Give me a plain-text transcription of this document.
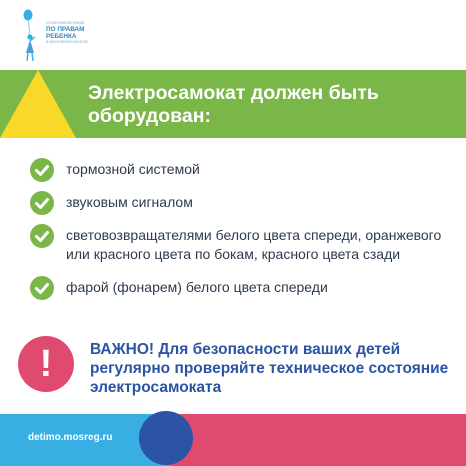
УПОЛНОМОЧЕННЫЙ
ПО ПРАВАМ
РЕБЕНКА
В МОСКОВСКОЙ ОБЛАСТИ
Электросамокат должен быть оборудован:
тормозной системой
звуковым сигналом
световозвращателями белого цвета спереди, оранжевого или красного цвета по бокам, красного цвета сзади
фарой (фонарем) белого цвета спереди
!	ВАЖНО! Для безопасности ваших детей регулярно проверяйте техническое состояние электросамоката

detimo.mosreg.ru
